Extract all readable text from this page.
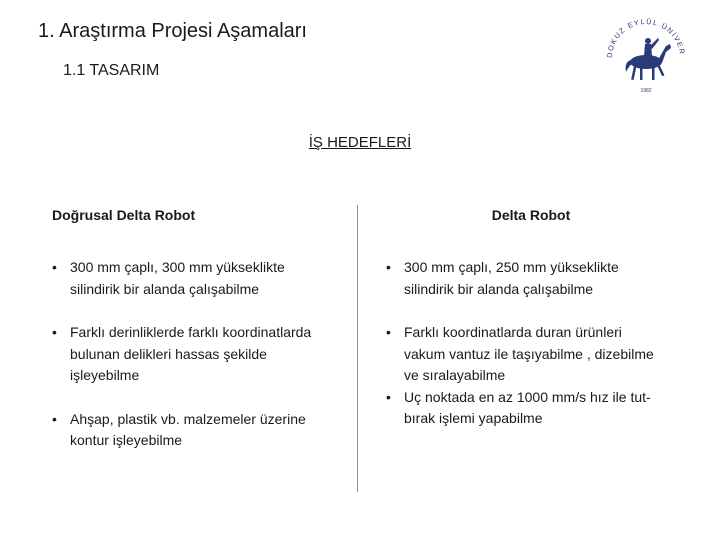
1. Araştırma Projesi Aşamaları
1.1 TASARIM
DOKUZ EYLÜL ÜNİVER
1982
İŞ HEDEFLERİ
Doğrusal Delta Robot
• 300 mm çaplı, 300 mm yükseklikte silindirik bir alanda çalışabilme
• Farklı derinliklerde farklı koordinatlarda bulunan delikleri hassas şekilde işleyebilme
• Ahşap, plastik vb. malzemeler üzerine kontur işleyebilme
Delta Robot
• 300 mm çaplı, 250 mm yükseklikte silindirik bir alanda çalışabilme
• Farklı koordinatlarda duran ürünleri vakum vantuz ile taşıyabilme , dizebilme ve sıralayabilme
• Uç noktada en az 1000 mm/s hız ile tut-bırak işlemi yapabilme
